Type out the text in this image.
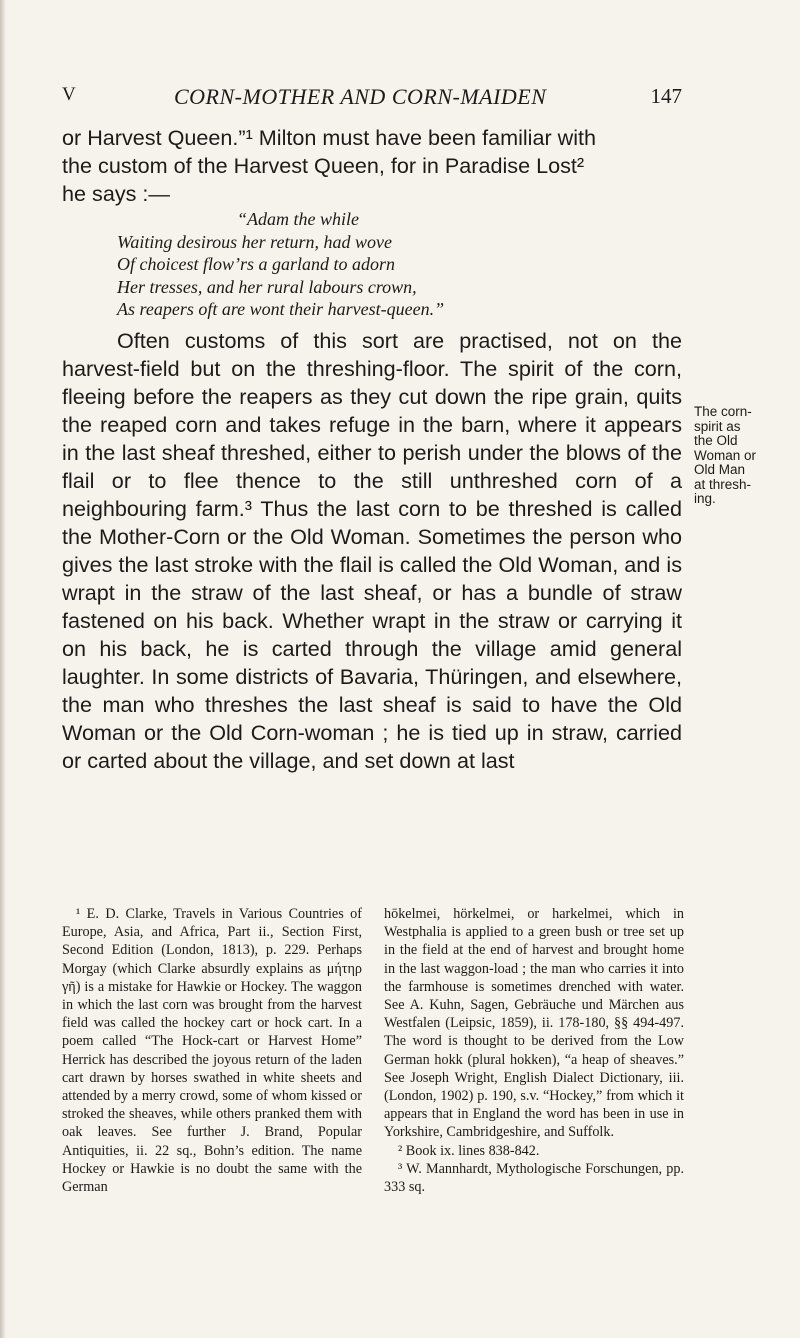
V	CORN-MOTHER AND CORN-MAIDEN	147

or Harvest Queen.”¹ Milton must have been familiar with
the custom of the Harvest Queen, for in Paradise Lost²
he says :—

“Adam the while
Waiting desirous her return, had wove
Of choicest flow’rs a garland to adorn
Her tresses, and her rural labours crown,
As reapers oft are wont their harvest-queen.”

Often customs of this sort are practised, not on the harvest-field but on the threshing-floor. The spirit of the corn, fleeing before the reapers as they cut down the ripe grain, quits the reaped corn and takes refuge in the barn, where it appears in the last sheaf threshed, either to perish under the blows of the flail or to flee thence to the still unthreshed corn of a neighbouring farm.³ Thus the last corn to be threshed is called the Mother-Corn or the Old Woman. Sometimes the person who gives the last stroke with the flail is called the Old Woman, and is wrapt in the straw of the last sheaf, or has a bundle of straw fastened on his back. Whether wrapt in the straw or carrying it on his back, he is carted through the village amid general laughter. In some districts of Bavaria, Thüringen, and elsewhere, the man who threshes the last sheaf is said to have the Old Woman or the Old Corn-woman ; he is tied up in straw, carried or carted about the village, and set down at last

The corn-
spirit as
the Old
Woman or
Old Man
at thresh-
ing.

¹ E. D. Clarke, Travels in Various Countries of Europe, Asia, and Africa, Part ii., Section First, Second Edition (London, 1813), p. 229. Perhaps Morgay (which Clarke absurdly explains as μήτηρ γῆ) is a mistake for Hawkie or Hockey. The waggon in which the last corn was brought from the harvest field was called the hockey cart or hock cart. In a poem called “The Hock-cart or Harvest Home” Herrick has described the joyous return of the laden cart drawn by horses swathed in white sheets and attended by a merry crowd, some of whom kissed or stroked the sheaves, while others pranked them with oak leaves. See further J. Brand, Popular Antiquities, ii. 22 sq., Bohn’s edition. The name Hockey or Hawkie is no doubt the same with the German

hōkelmei, hörkelmei, or harkelmei, which in Westphalia is applied to a green bush or tree set up in the field at the end of harvest and brought home in the last waggon-load ; the man who carries it into the farmhouse is sometimes drenched with water. See A. Kuhn, Sagen, Gebräuche und Märchen aus Westfalen (Leipsic, 1859), ii. 178-180, §§ 494-497. The word is thought to be derived from the Low German hokk (plural hokken), “a heap of sheaves.” See Joseph Wright, English Dialect Dictionary, iii. (London, 1902) p. 190, s.v. “Hockey,” from which it appears that in England the word has been in use in Yorkshire, Cambridgeshire, and Suffolk.

² Book ix. lines 838-842.

³ W. Mannhardt, Mythologische Forschungen, pp. 333 sq.
